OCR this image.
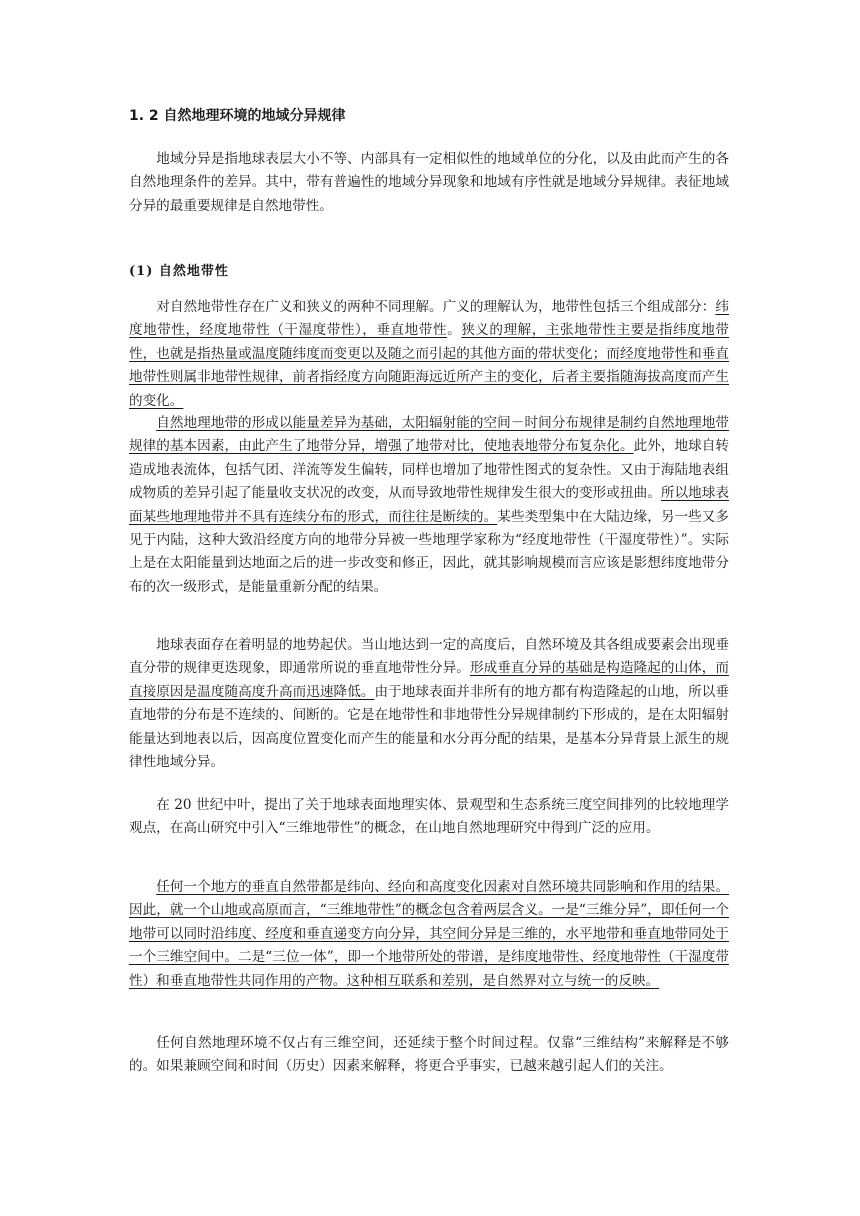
1. 2 自然地理环境的地域分异规律

地域分异是指地球表层大小不等、内部具有一定相似性的地域单位的分化，以及由此而产生的各自然地理条件的差异。其中，带有普遍性的地域分异现象和地域有序性就是地域分异规律。表征地域分异的最重要规律是自然地带性。

(1) 自然地带性

对自然地带性存在广义和狭义的两种不同理解。广义的理解认为，地带性包括三个组成部分：纬度地带性，经度地带性（干湿度带性），垂直地带性。狭义的理解，主张地带性主要是指纬度地带性，也就是指热量或温度随纬度而变更以及随之而引起的其他方面的带状变化；而经度地带性和垂直地带性则属非地带性规律，前者指经度方向随距海远近所产主的变化，后者主要指随海拔高度而产生的变化。

自然地理地带的形成以能量差异为基础，太阳辐射能的空间－时间分布规律是制约自然地理地带规律的基本因素，由此产生了地带分异，增强了地带对比，使地表地带分布复杂化。此外，地球自转造成地表流体，包括气团、洋流等发生偏转，同样也增加了地带性图式的复杂性。又由于海陆地表组成物质的差异引起了能量收支状况的改变，从而导致地带性规律发生很大的变形或扭曲。所以地球表面某些地理地带并不具有连续分布的形式，而往往是断续的。某些类型集中在大陆边缘，另一些又多见于内陆，这种大致沿经度方向的地带分异被一些地理学家称为“经度地带性（干湿度带性）”。实际上是在太阳能量到达地面之后的进一步改变和修正，因此，就其影响规模而言应该是影想纬度地带分布的次一级形式，是能量重新分配的结果。

地球表面存在着明显的地势起伏。当山地达到一定的高度后，自然环境及其各组成要素会出现垂直分带的规律更迭现象，即通常所说的垂直地带性分异。形成垂直分异的基础是构造隆起的山体，而直接原因是温度随高度升高而迅速降低。由于地球表面并非所有的地方都有构造隆起的山地，所以垂直地带的分布是不连续的、间断的。它是在地带性和非地带性分异规律制约下形成的，是在太阳辐射能量达到地表以后，因高度位置变化而产生的能量和水分再分配的结果，是基本分异背景上派生的规律性地域分异。

在 20 世纪中叶，提出了关于地球表面地理实体、景观型和生态系统三度空间排列的比较地理学观点，在高山研究中引入“三维地带性”的概念，在山地自然地理研究中得到广泛的应用。

任何一个地方的垂直自然带都是纬向、经向和高度变化因素对自然环境共同影响和作用的结果。因此，就一个山地或高原而言，“三维地带性”的概念包含着两层含义。一是“三维分异”，即任何一个地带可以同时沿纬度、经度和垂直递变方向分异，其空间分异是三维的，水平地带和垂直地带同处于一个三维空间中。二是“三位一体”，即一个地带所处的带谱，是纬度地带性、经度地带性（干湿度带性）和垂直地带性共同作用的产物。这种相互联系和差别，是自然界对立与统一的反映。

任何自然地理环境不仅占有三维空间，还延续于整个时间过程。仅靠“三维结构”来解释是不够的。如果兼顾空间和时间（历史）因素来解释，将更合乎事实，已越来越引起人们的关注。
